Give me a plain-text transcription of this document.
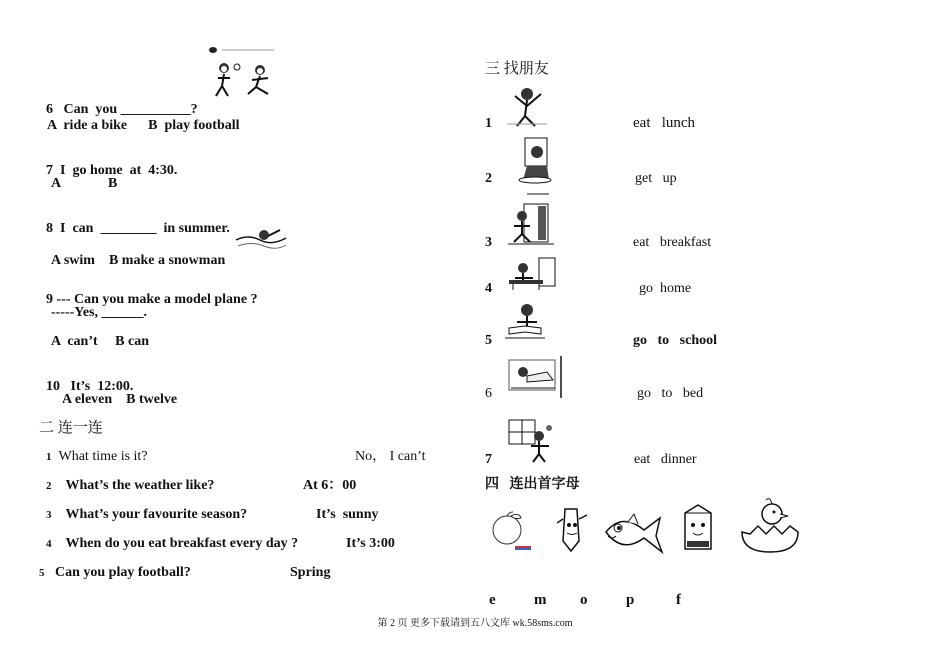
6 Can  you __________?

A  ride a bike      B  play football

7 I  go home  at  4:30.

A	B

8 I  can  ________  in summer.

A swim    B make a snowman

9 --- Can you make a model plane ?

-----Yes, ______.
A  can’t     B can

10 It’s  12:00.

A eleven    B twelve
二 连一连
1 What time is it?	No， I can’t
2 What’s the weather like?	At 6：00
3 What’s your favourite season?	It’s  sunny
4 When do you eat breakfast every day ?	It’s 3:00
5 Can you play football?	Spring
三 找朋友
1	eat   lunch
2	get   up
3	eat   breakfast
4	go  home
5	go   to   school
6	go   to   bed
7	eat   dinner
四   连出首字母
e	m o	p	f
第 2 页 更多下载请到五八文库 wk.58sms.com
